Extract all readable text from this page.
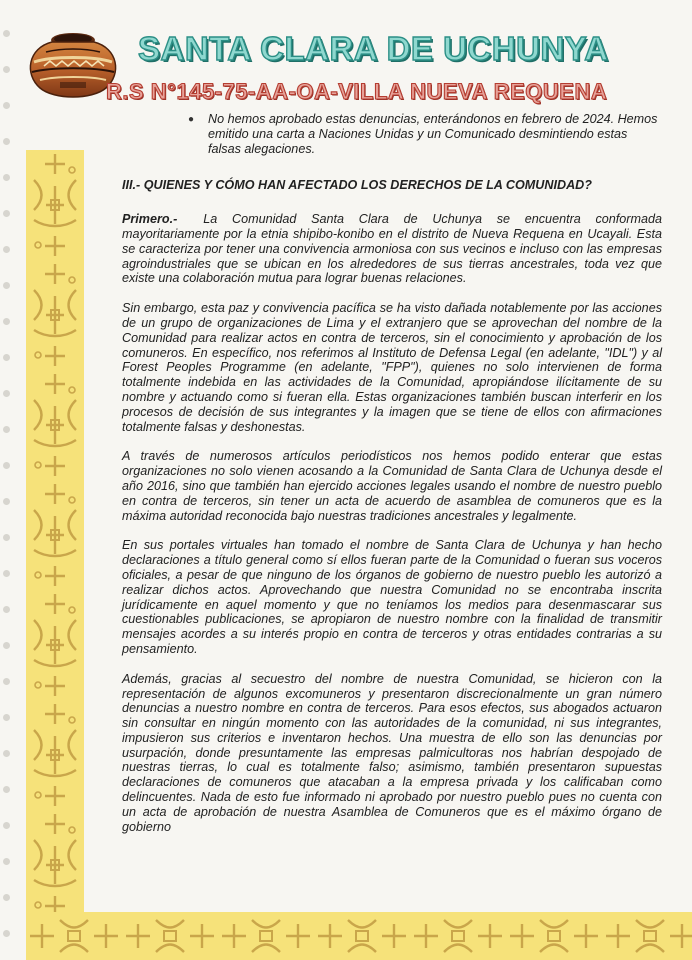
SANTA CLARA DE UCHUNYA
R.S N°145-75-AA-OA-VILLA NUEVA REQUENA
●	No hemos aprobado estas denuncias, enterándonos en febrero de 2024. Hemos emitido una carta a Naciones Unidas y un Comunicado desmintiendo estas falsas alegaciones.

III.- QUIENES Y CÓMO HAN AFECTADO LOS DERECHOS DE LA COMUNIDAD?

Primero.- La Comunidad Santa Clara de Uchunya se encuentra conformada mayoritariamente por la etnia shipibo-konibo en el distrito de Nueva Requena en Ucayali. Esta se caracteriza por tener una convivencia armoniosa con sus vecinos e incluso con las empresas agroindustriales que se ubican en los alrededores de sus tierras ancestrales, toda vez que existe una colaboración mutua para lograr buenas relaciones.

Sin embargo, esta paz y convivencia pacífica se ha visto dañada notablemente por las acciones de un grupo de organizaciones de Lima y el extranjero que se aprovechan del nombre de la Comunidad para realizar actos en contra de terceros, sin el conocimiento y aprobación de los comuneros. En específico, nos referimos al Instituto de Defensa Legal (en adelante, "IDL") y al Forest Peoples Programme (en adelante, "FPP"), quienes no solo intervienen de forma totalmente indebida en las actividades de la Comunidad, apropiándose ilícitamente de su nombre y actuando como si fueran ella. Estas organizaciones también buscan interferir en los procesos de decisión de sus integrantes y la imagen que se tiene de ellos con afirmaciones totalmente falsas y deshonestas.

A través de numerosos artículos periodísticos nos hemos podido enterar que estas organizaciones no solo vienen acosando a la Comunidad de Santa Clara de Uchunya desde el año 2016, sino que también han ejercido acciones legales usando el nombre de nuestro pueblo en contra de terceros, sin tener un acta de acuerdo de asamblea de comuneros que es la máxima autoridad reconocida bajo nuestras tradiciones ancestrales y legalmente.

En sus portales virtuales han tomado el nombre de Santa Clara de Uchunya y han hecho declaraciones a título general como sí ellos fueran parte de la Comunidad o fueran sus voceros oficiales, a pesar de que ninguno de los órganos de gobierno de nuestro pueblo les autorizó a realizar dichos actos. Aprovechando que nuestra Comunidad no se encontraba inscrita jurídicamente en aquel momento y que no teníamos los medios para desenmascarar sus cuestionables publicaciones, se apropiaron de nuestro nombre con la finalidad de transmitir mensajes acordes a su interés propio en contra de terceros y otras entidades contrarias a su pensamiento.

Además, gracias al secuestro del nombre de nuestra Comunidad, se hicieron con la representación de algunos excomuneros y presentaron discrecionalmente un gran número denuncias a nuestro nombre en contra de terceros. Para esos efectos, sus abogados actuaron sin consultar en ningún momento con las autoridades de la comunidad, ni sus integrantes, impusieron sus criterios e inventaron hechos. Una muestra de ello son las denuncias por usurpación, donde presuntamente las empresas palmicultoras nos habrían despojado de nuestras tierras, lo cual es totalmente falso; asimismo, también presentaron supuestas declaraciones de comuneros que atacaban a la empresa privada y los calificaban como delincuentes. Nada de esto fue informado ni aprobado por nuestro pueblo pues no cuenta con un acta de aprobación de nuestra Asamblea de Comuneros que es el máximo órgano de gobierno
